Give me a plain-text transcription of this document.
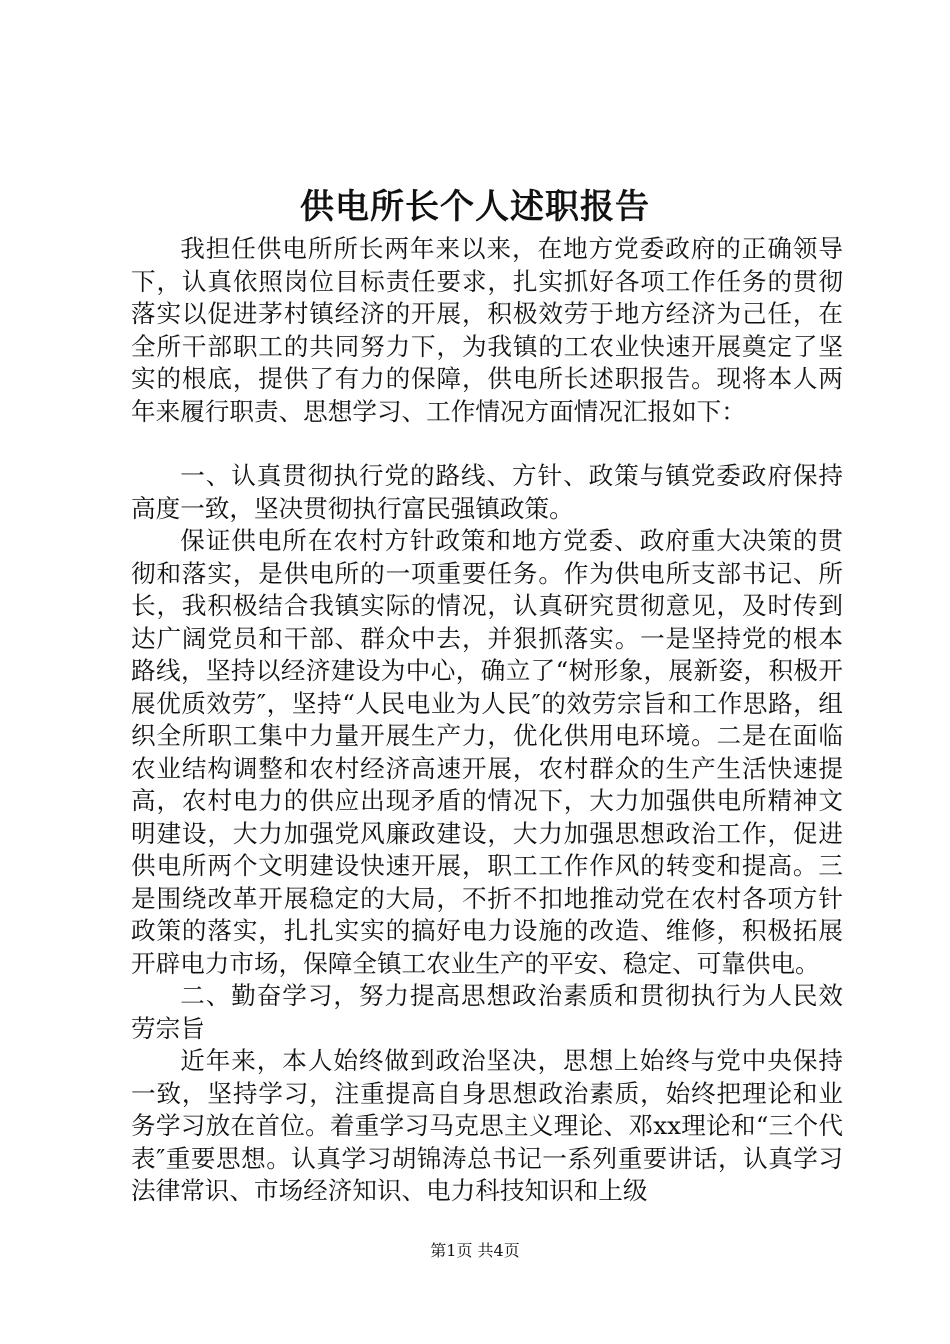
供电所长个人述职报告

我担任供电所所长两年来以来，在地方党委政府的正确领导下，认真依照岗位目标责任要求，扎实抓好各项工作任务的贯彻落实以促进茅村镇经济的开展，积极效劳于地方经济为己任，在全所干部职工的共同努力下，为我镇的工农业快速开展奠定了坚实的根底，提供了有力的保障，供电所长述职报告。现将本人两年来履行职责、思想学习、工作情况方面情况汇报如下：

一、认真贯彻执行党的路线、方针、政策与镇党委政府保持高度一致，坚决贯彻执行富民强镇政策。

保证供电所在农村方针政策和地方党委、政府重大决策的贯彻和落实，是供电所的一项重要任务。作为供电所支部书记、所长，我积极结合我镇实际的情况，认真研究贯彻意见，及时传到达广阔党员和干部、群众中去，并狠抓落实。一是坚持党的根本路线，坚持以经济建设为中心，确立了“树形象，展新姿，积极开展优质效劳″，坚持“人民电业为人民″的效劳宗旨和工作思路，组织全所职工集中力量开展生产力，优化供用电环境。二是在面临农业结构调整和农村经济高速开展，农村群众的生产生活快速提高，农村电力的供应出现矛盾的情况下，大力加强供电所精神文明建设，大力加强党风廉政建设，大力加强思想政治工作，促进供电所两个文明建设快速开展，职工工作作风的转变和提高。三是围绕改革开展稳定的大局，不折不扣地推动党在农村各项方针政策的落实，扎扎实实的搞好电力设施的改造、维修，积极拓展开辟电力市场，保障全镇工农业生产的平安、稳定、可靠供电。

二、勤奋学习，努力提高思想政治素质和贯彻执行为人民效劳宗旨

近年来，本人始终做到政治坚决，思想上始终与党中央保持一致，坚持学习，注重提高自身思想政治素质，始终把理论和业务学习放在首位。着重学习马克思主义理论、邓xx理论和“三个代表″重要思想。认真学习胡锦涛总书记一系列重要讲话，认真学习法律常识、市场经济知识、电力科技知识和上级

第1页 共4页
